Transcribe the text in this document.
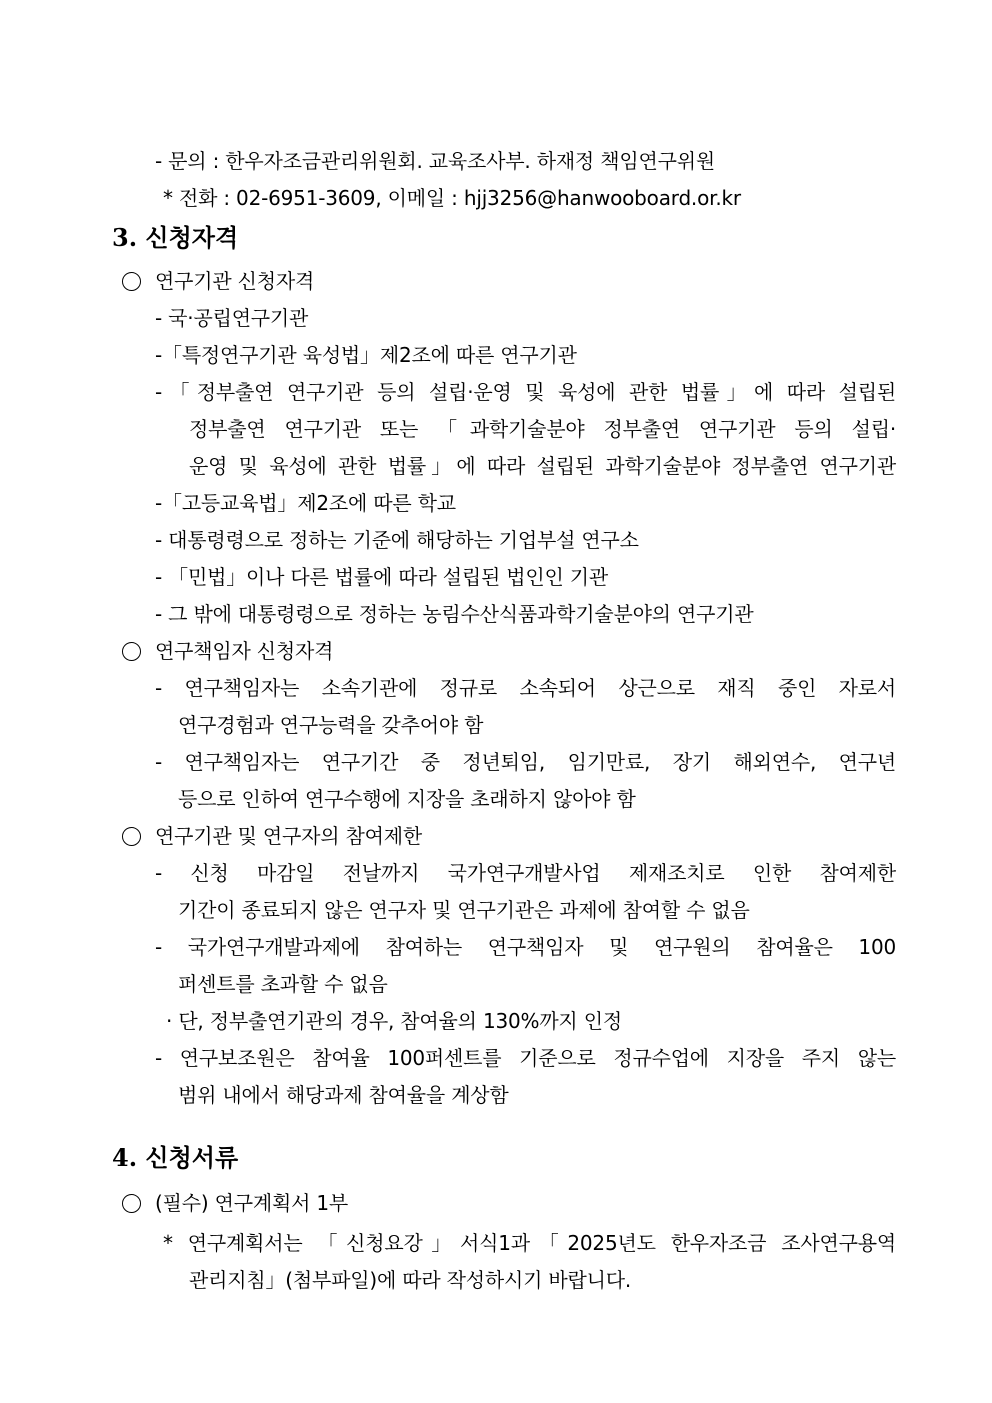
- 문의 : 한우자조금관리위원회. 교육조사부. 하재정 책임연구위원
* 전화 : 02-6951-3609, 이메일 : hjj3256@hanwooboard.or.kr
3. 신청자격
연구기관 신청자격
- 국·공립연구기관
-「특정연구기관 육성법」제2조에 따른 연구기관
-「정부출연 연구기관 등의 설립·운영 및 육성에 관한 법률」에 따라 설립된
정부출연 연구기관 또는 「과학기술분야 정부출연 연구기관 등의 설립·
운영 및 육성에 관한 법률」에 따라 설립된 과학기술분야 정부출연 연구기관
-「고등교육법」제2조에 따른 학교
- 대통령령으로 정하는 기준에 해당하는 기업부설 연구소
- 「민법」이나 다른 법률에 따라 설립된 법인인 기관
- 그 밖에 대통령령으로 정하는 농림수산식품과학기술분야의 연구기관
연구책임자 신청자격
- 연구책임자는 소속기관에 정규로 소속되어 상근으로 재직 중인 자로서
연구경험과 연구능력을 갖추어야 함
- 연구책임자는 연구기간 중 정년퇴임, 임기만료, 장기 해외연수, 연구년
등으로 인하여 연구수행에 지장을 초래하지 않아야 함
연구기관 및 연구자의 참여제한
- 신청 마감일 전날까지 국가연구개발사업 제재조치로 인한 참여제한
기간이 종료되지 않은 연구자 및 연구기관은 과제에 참여할 수 없음
- 국가연구개발과제에 참여하는 연구책임자 및 연구원의 참여율은 100
퍼센트를 초과할 수 없음
· 단, 정부출연기관의 경우, 참여율의 130%까지 인정
- 연구보조원은 참여율 100퍼센트를 기준으로 정규수업에 지장을 주지 않는
범위 내에서 해당과제 참여율을 계상함
4. 신청서류
(필수) 연구계획서 1부
* 연구계획서는 「신청요강」서식1과「2025년도 한우자조금 조사연구용역
관리지침」(첨부파일)에 따라 작성하시기 바랍니다.
